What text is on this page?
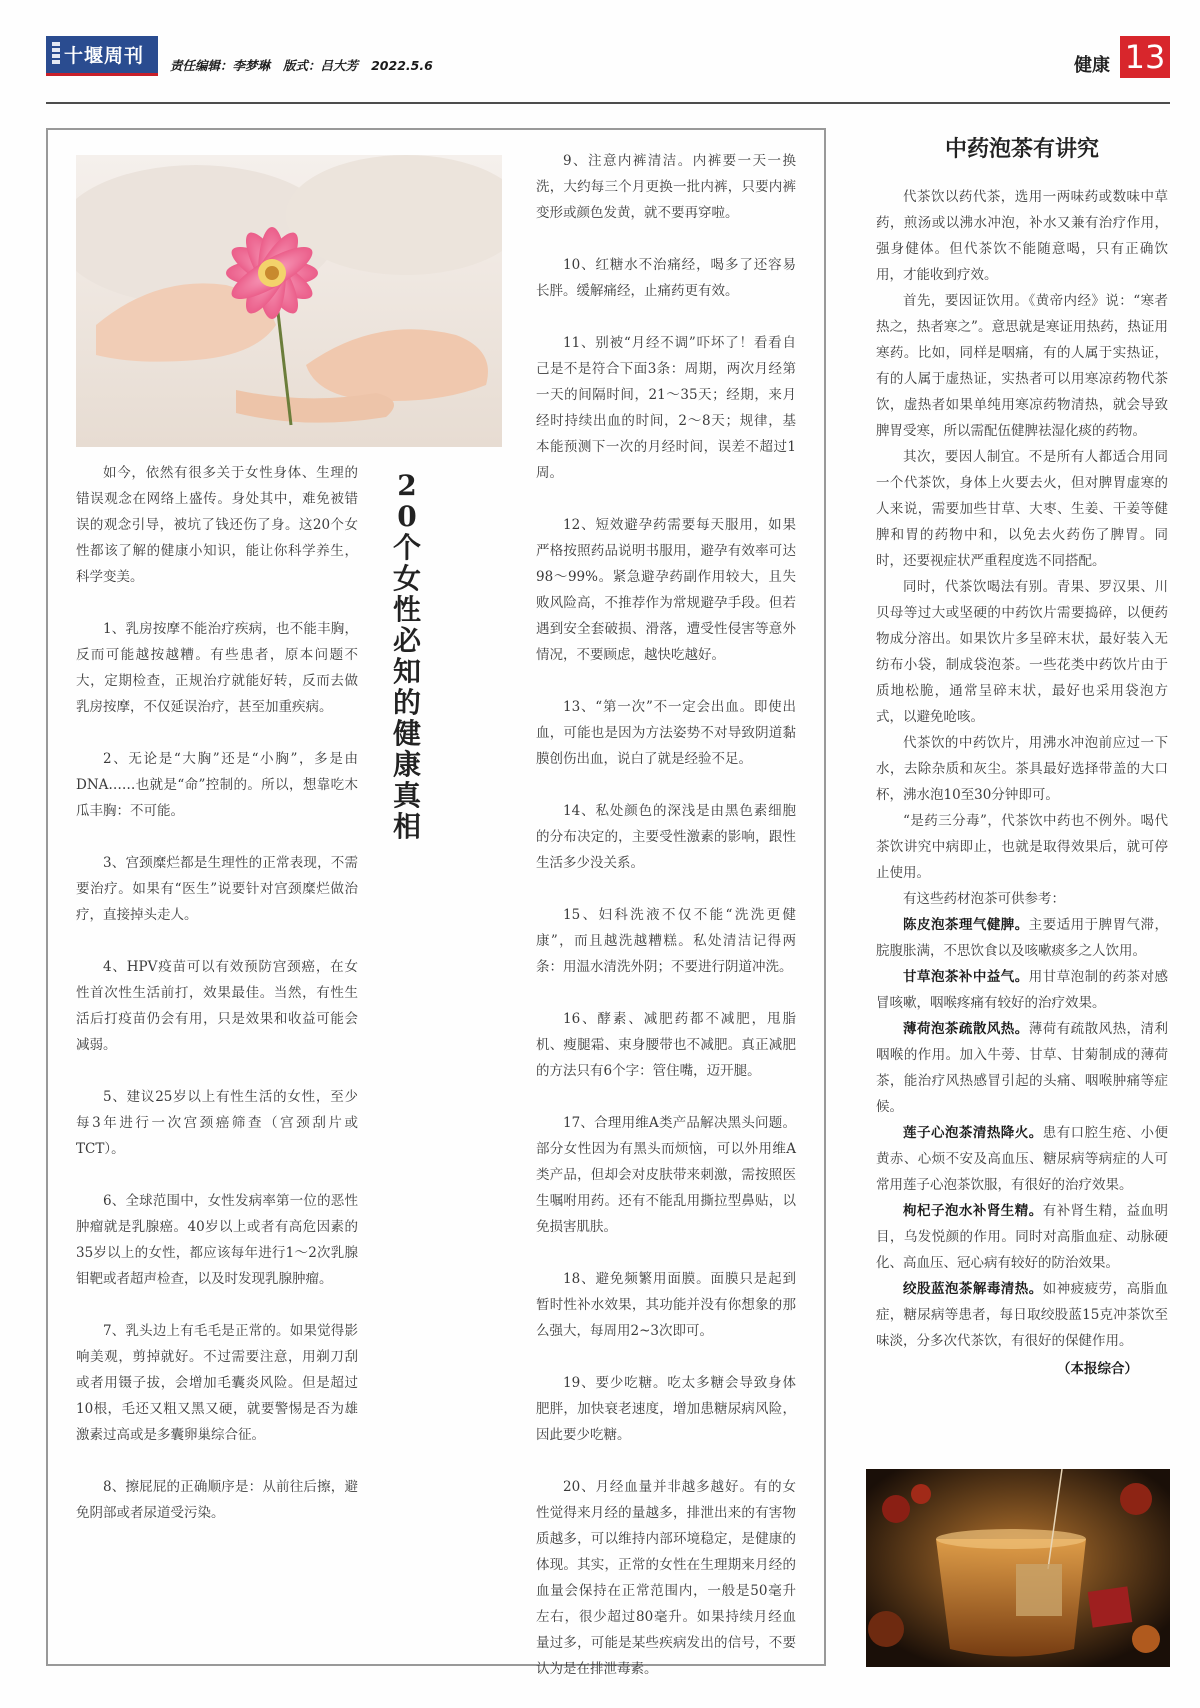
十堰周刊 责任编辑：李梦琳   版式：吕大芳   2022.5.6	健康 13
20个女性必知的健康真相

如今，依然有很多关于女性身体、生理的错误观念在网络上盛传。身处其中，难免被错误的观念引导，被坑了钱还伤了身。这20个女性都该了解的健康小知识，能让你科学养生，科学变美。

1、乳房按摩不能治疗疾病，也不能丰胸，反而可能越按越糟。有些患者，原本问题不大，定期检查，正规治疗就能好转，反而去做乳房按摩，不仅延误治疗，甚至加重疾病。

2、无论是“大胸”还是“小胸”，多是由DNA……也就是“命”控制的。所以，想靠吃木瓜丰胸：不可能。

3、宫颈糜烂都是生理性的正常表现，不需要治疗。如果有“医生”说要针对宫颈糜烂做治疗，直接掉头走人。

4、HPV疫苗可以有效预防宫颈癌，在女性首次性生活前打，效果最佳。当然，有性生活后打疫苗仍会有用，只是效果和收益可能会减弱。

5、建议25岁以上有性生活的女性，至少每3年进行一次宫颈癌筛查（宫颈刮片或TCT）。

6、全球范围中，女性发病率第一位的恶性肿瘤就是乳腺癌。40岁以上或者有高危因素的35岁以上的女性，都应该每年进行1～2次乳腺钼靶或者超声检查，以及时发现乳腺肿瘤。

7、乳头边上有毛毛是正常的。如果觉得影响美观，剪掉就好。不过需要注意，用剃刀刮或者用镊子拔，会增加毛囊炎风险。但是超过10根，毛还又粗又黑又硬，就要警惕是否为雄激素过高或是多囊卵巢综合征。

8、擦屁屁的正确顺序是：从前往后擦，避免阴部或者尿道受污染。

9、注意内裤清洁。内裤要一天一换洗，大约每三个月更换一批内裤，只要内裤变形或颜色发黄，就不要再穿啦。

10、红糖水不治痛经，喝多了还容易长胖。缓解痛经，止痛药更有效。

11、别被“月经不调”吓坏了！看看自己是不是符合下面3条：周期，两次月经第一天的间隔时间，21～35天；经期，来月经时持续出血的时间，2～8天；规律，基本能预测下一次的月经时间，误差不超过1周。

12、短效避孕药需要每天服用，如果严格按照药品说明书服用，避孕有效率可达98～99%。紧急避孕药副作用较大，且失败风险高，不推荐作为常规避孕手段。但若遇到安全套破损、滑落，遭受性侵害等意外情况，不要顾虑，越快吃越好。

13、“第一次”不一定会出血。即使出血，可能也是因为方法姿势不对导致阴道黏膜创伤出血，说白了就是经验不足。

14、私处颜色的深浅是由黑色素细胞的分布决定的，主要受性激素的影响，跟性生活多少没关系。

15、妇科洗液不仅不能“洗洗更健康”，而且越洗越糟糕。私处清洁记得两条：用温水清洗外阴；不要进行阴道冲洗。

16、酵素、减肥药都不减肥，甩脂机、瘦腿霜、束身腰带也不减肥。真正减肥的方法只有6个字：管住嘴，迈开腿。

17、合理用维A类产品解决黑头问题。部分女性因为有黑头而烦恼，可以外用维A类产品，但却会对皮肤带来刺激，需按照医生嘱咐用药。还有不能乱用撕拉型鼻贴，以免损害肌肤。

18、避免频繁用面膜。面膜只是起到暂时性补水效果，其功能并没有你想象的那么强大，每周用2~3次即可。

19、要少吃糖。吃太多糖会导致身体肥胖，加快衰老速度，增加患糖尿病风险，因此要少吃糖。

20、月经血量并非越多越好。有的女性觉得来月经的量越多，排泄出来的有害物质越多，可以维持内部环境稳定，是健康的体现。其实，正常的女性在生理期来月经的血量会保持在正常范围内，一般是50毫升左右，很少超过80毫升。如果持续月经血量过多，可能是某些疾病发出的信号，不要认为是在排泄毒素。

中药泡茶有讲究

代茶饮以药代茶，选用一两味药或数味中草药，煎汤或以沸水冲泡，补水又兼有治疗作用，强身健体。但代茶饮不能随意喝，只有正确饮用，才能收到疗效。

首先，要因证饮用。《黄帝内经》说：“寒者热之，热者寒之”。意思就是寒证用热药，热证用寒药。比如，同样是咽痛，有的人属于实热证，有的人属于虚热证，实热者可以用寒凉药物代茶饮，虚热者如果单纯用寒凉药物清热，就会导致脾胃受寒，所以需配伍健脾祛湿化痰的药物。

其次，要因人制宜。不是所有人都适合用同一个代茶饮，身体上火要去火，但对脾胃虚寒的人来说，需要加些甘草、大枣、生姜、干姜等健脾和胃的药物中和，以免去火药伤了脾胃。同时，还要视症状严重程度选不同搭配。

同时，代茶饮喝法有别。青果、罗汉果、川贝母等过大或坚硬的中药饮片需要捣碎，以便药物成分溶出。如果饮片多呈碎末状，最好装入无纺布小袋，制成袋泡茶。一些花类中药饮片由于质地松脆，通常呈碎末状，最好也采用袋泡方式，以避免呛咳。

代茶饮的中药饮片，用沸水冲泡前应过一下水，去除杂质和灰尘。茶具最好选择带盖的大口杯，沸水泡10至30分钟即可。

“是药三分毒”，代茶饮中药也不例外。喝代茶饮讲究中病即止，也就是取得效果后，就可停止使用。

有这些药材泡茶可供参考：

陈皮泡茶理气健脾。主要适用于脾胃气滞，脘腹胀满，不思饮食以及咳嗽痰多之人饮用。

甘草泡茶补中益气。用甘草泡制的药茶对感冒咳嗽，咽喉疼痛有较好的治疗效果。

薄荷泡茶疏散风热。薄荷有疏散风热，清利咽喉的作用。加入牛蒡、甘草、甘菊制成的薄荷茶，能治疗风热感冒引起的头痛、咽喉肿痛等症候。

莲子心泡茶清热降火。患有口腔生疮、小便黄赤、心烦不安及高血压、糖尿病等病症的人可常用莲子心泡茶饮服，有很好的治疗效果。

枸杞子泡水补肾生精。有补肾生精，益血明目，乌发悦颜的作用。同时对高脂血症、动脉硬化、高血压、冠心病有较好的防治效果。

绞股蓝泡茶解毒清热。如神疲疲劳，高脂血症，糖尿病等患者，每日取绞股蓝15克冲茶饮至味淡，分多次代茶饮，有很好的保健作用。

（本报综合）
